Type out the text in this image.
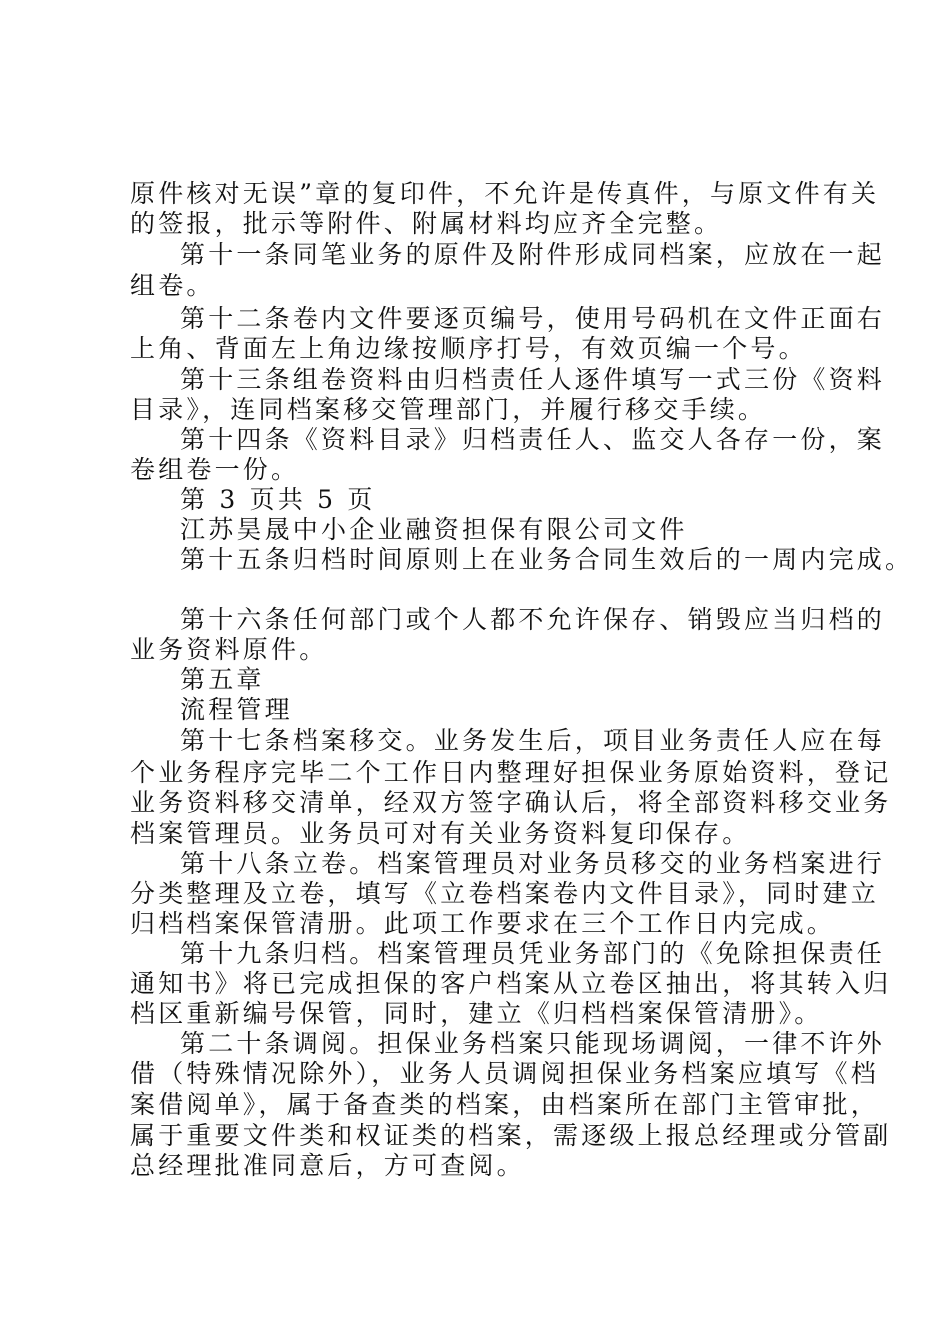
原件核对无误”章的复印件，不允许是传真件，与原文件有关
的签报，批示等附件、附属材料均应齐全完整。
第十一条同笔业务的原件及附件形成同档案，应放在一起
组卷。
第十二条卷内文件要逐页编号，使用号码机在文件正面右
上角、背面左上角边缘按顺序打号，有效页编一个号。
第十三条组卷资料由归档责任人逐件填写一式三份《资料
目录》，连同档案移交管理部门，并履行移交手续。
第十四条《资料目录》归档责任人、监交人各存一份，案
卷组卷一份。
第 3 页共 5 页
江苏昊晟中小企业融资担保有限公司文件
第十五条归档时间原则上在业务合同生效后的一周内完成。
第十六条任何部门或个人都不允许保存、销毁应当归档的
业务资料原件。
第五章
流程管理
第十七条档案移交。业务发生后，项目业务责任人应在每
个业务程序完毕二个工作日内整理好担保业务原始资料，登记
业务资料移交清单，经双方签字确认后，将全部资料移交业务
档案管理员。业务员可对有关业务资料复印保存。
第十八条立卷。档案管理员对业务员移交的业务档案进行
分类整理及立卷，填写《立卷档案卷内文件目录》，同时建立
归档档案保管清册。此项工作要求在三个工作日内完成。
第十九条归档。档案管理员凭业务部门的《免除担保责任
通知书》将已完成担保的客户档案从立卷区抽出，将其转入归
档区重新编号保管，同时，建立《归档档案保管清册》。
第二十条调阅。担保业务档案只能现场调阅，一律不许外
借（特殊情况除外），业务人员调阅担保业务档案应填写《档
案借阅单》，属于备查类的档案，由档案所在部门主管审批，
属于重要文件类和权证类的档案，需逐级上报总经理或分管副
总经理批准同意后，方可查阅。
